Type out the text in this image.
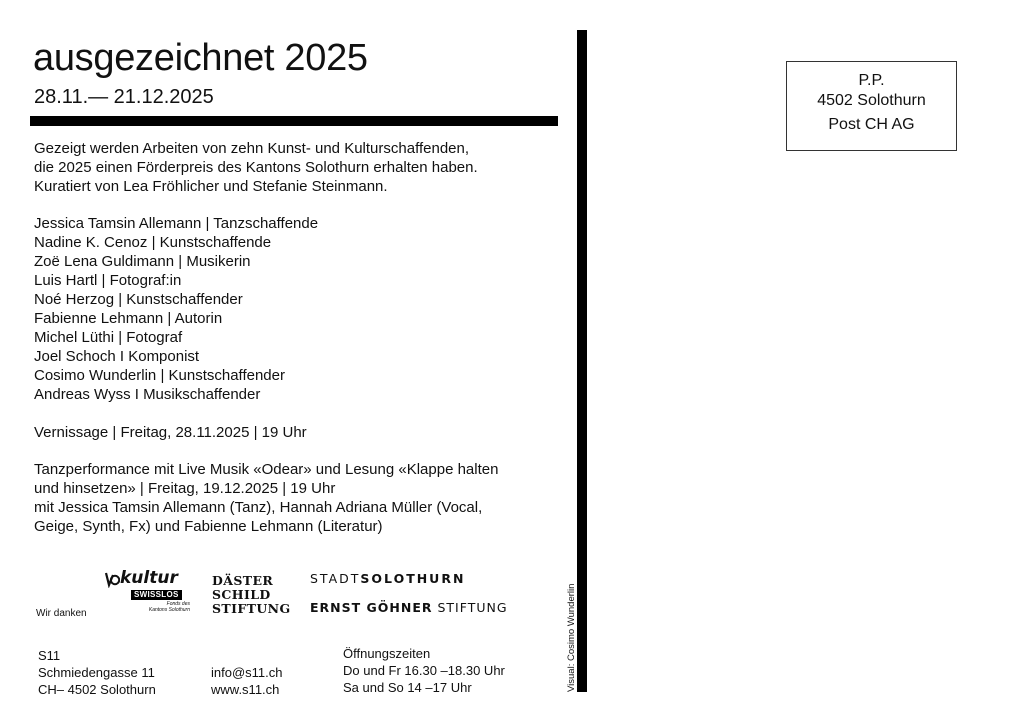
ausgezeichnet 2025
28.11.— 21.12.2025
Gezeigt werden Arbeiten von zehn Kunst- und Kulturschaffenden,
die 2025 einen Förderpreis des Kantons Solothurn erhalten haben.
Kuratiert von Lea Fröhlicher und Stefanie Steinmann.
Jessica Tamsin Allemann | Tanzschaffende
Nadine K. Cenoz | Kunstschaffende
Zoë Lena Guldimann | Musikerin
Luis Hartl | Fotograf:in
Noé Herzog | Kunstschaffender
Fabienne Lehmann | Autorin
Michel Lüthi | Fotograf
Joel Schoch I Komponist
Cosimo Wunderlin | Kunstschaffender
Andreas Wyss I Musikschaffender
Vernissage | Freitag, 28.11.2025 | 19 Uhr
Tanzperformance mit Live Musik «Odear» und Lesung «Klappe halten
und hinsetzen» | Freitag, 19.12.2025 | 19 Uhr
mit Jessica Tamsin Allemann (Tanz), Hannah Adriana Müller (Vocal,
Geige, Synth, Fx) und Fabienne Lehmann (Literatur)
P.P.
4502 Solothurn
Post CH AG
Wir danken
kultur
SWISSLOS
Fonds des
Kantons Solothurn
DÄSTER
SCHILD
STIFTUNG
STADTSOLOTHURN
ERNST GÖHNER STIFTUNG
S11
Schmiedengasse 11
CH– 4502 Solothurn
info@s11.ch
www.s11.ch
Öffnungszeiten
Do und Fr 16.30 –18.30 Uhr
Sa und So 14 –17 Uhr	Visual: Cosimo Wunderlin
